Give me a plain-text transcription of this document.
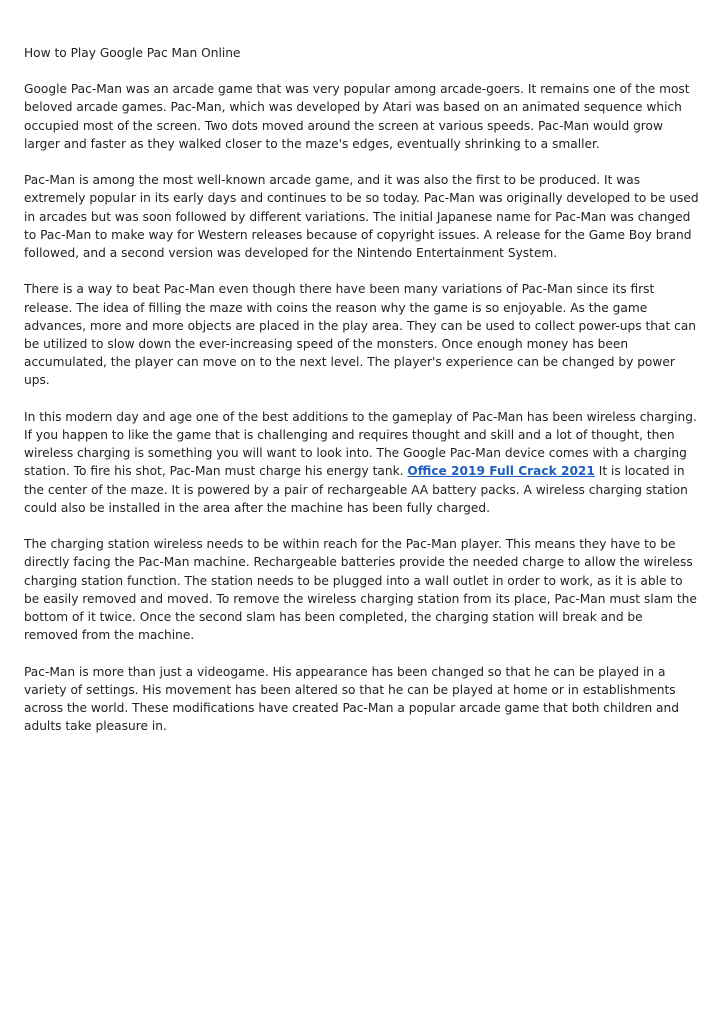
How to Play Google Pac Man Online

Google Pac-Man was an arcade game that was very popular among arcade-goers. It remains one of the most beloved arcade games. Pac-Man, which was developed by Atari was based on an animated sequence which occupied most of the screen. Two dots moved around the screen at various speeds. Pac-Man would grow larger and faster as they walked closer to the maze's edges, eventually shrinking to a smaller.

Pac-Man is among the most well-known arcade game, and it was also the first to be produced. It was extremely popular in its early days and continues to be so today. Pac-Man was originally developed to be used in arcades but was soon followed by different variations. The initial Japanese name for Pac-Man was changed to Pac-Man to make way for Western releases because of copyright issues. A release for the Game Boy brand followed, and a second version was developed for the Nintendo Entertainment System.

There is a way to beat Pac-Man even though there have been many variations of Pac-Man since its first release. The idea of filling the maze with coins the reason why the game is so enjoyable. As the game advances, more and more objects are placed in the play area. They can be used to collect power-ups that can be utilized to slow down the ever-increasing speed of the monsters. Once enough money has been accumulated, the player can move on to the next level. The player's experience can be changed by power ups.

In this modern day and age one of the best additions to the gameplay of Pac-Man has been wireless charging. If you happen to like the game that is challenging and requires thought and skill and a lot of thought, then wireless charging is something you will want to look into. The Google Pac-Man device comes with a charging station. To fire his shot, Pac-Man must charge his energy tank. Office 2019 Full Crack 2021 It is located in the center of the maze. It is powered by a pair of rechargeable AA battery packs. A wireless charging station could also be installed in the area after the machine has been fully charged.

The charging station wireless needs to be within reach for the Pac-Man player. This means they have to be directly facing the Pac-Man machine. Rechargeable batteries provide the needed charge to allow the wireless charging station function. The station needs to be plugged into a wall outlet in order to work, as it is able to be easily removed and moved. To remove the wireless charging station from its place, Pac-Man must slam the bottom of it twice. Once the second slam has been completed, the charging station will break and be removed from the machine.

Pac-Man is more than just a videogame. His appearance has been changed so that he can be played in a variety of settings. His movement has been altered so that he can be played at home or in establishments across the world. These modifications have created Pac-Man a popular arcade game that both children and adults take pleasure in.
